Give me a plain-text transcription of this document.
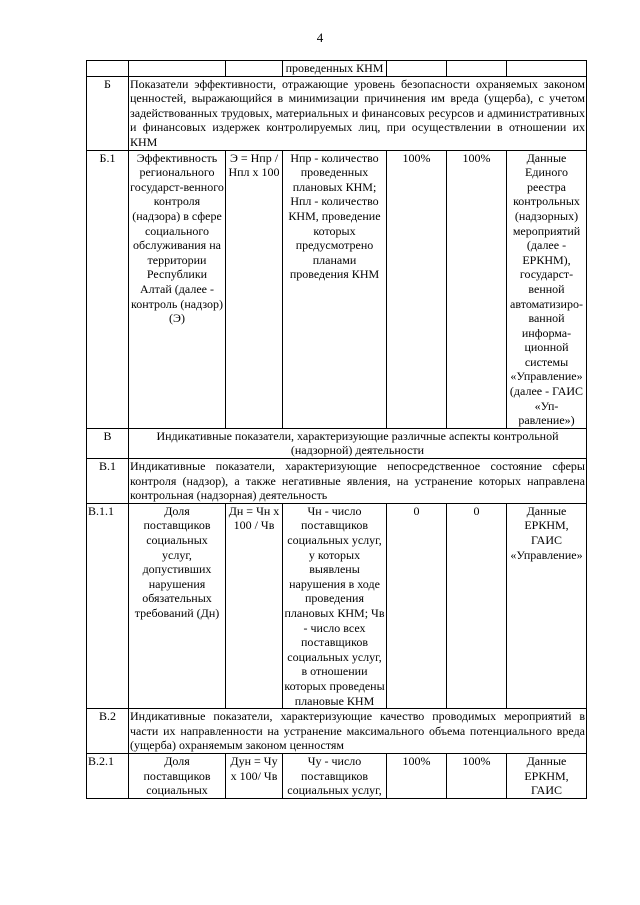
4
			проведенных КНМ			
Б	Показатели эффективности, отражающие уровень безопасности охраняемых законом ценностей, выражающийся в минимизации причинения им вреда (ущерба), с учетом задействованных трудовых, материальных и финансовых ресурсов и административных и финансовых издержек контролируемых лиц, при осуществлении в отношении их КНМ					
Б.1	Эффективность регионального государст-венного контроля (надзора) в сфере социального обслуживания на территории Республики Алтай (далее - контроль (надзор) (Э)	Э = Нпр / Нпл x 100	Нпр - количество проведенных плановых КНМ; Нпл - количество КНМ, проведение которых предусмотрено планами проведения КНМ	100%	100%	Данные Единого реестра контрольных (надзорных) мероприятий (далее - ЕРКНМ), государст-венной автоматизиро-ванной информа-ционной системы «Управление» (далее - ГАИС «Уп-равление»)
В	Индикативные показатели, характеризующие различные аспекты контрольной (надзорной) деятельности					
В.1	Индикативные показатели, характеризующие непосредственное состояние сферы контроля (надзор), а также негативные явления, на устранение которых направлена контрольная (надзорная) деятельность					
В.1.1	Доля поставщиков социальных услуг, допустивших нарушения обязательных требований (Дн)	Дн = Чн x 100 / Чв	Чн - число поставщиков социальных услуг, у которых выявлены нарушения в ходе проведения плановых КНМ; Чв - число всех поставщиков социальных услуг, в отношении которых проведены плановые КНМ	0	0	Данные ЕРКНМ, ГАИС «Управление»
В.2	Индикативные показатели, характеризующие качество проводимых мероприятий в части их направленности на устранение максимального объема потенциального вреда (ущерба) охраняемым законом ценностям					
В.2.1	Доля поставщиков социальных	Дун = Чу x 100/ Чв	Чу - число поставщиков социальных услуг,	100%	100%	Данные ЕРКНМ, ГАИС
